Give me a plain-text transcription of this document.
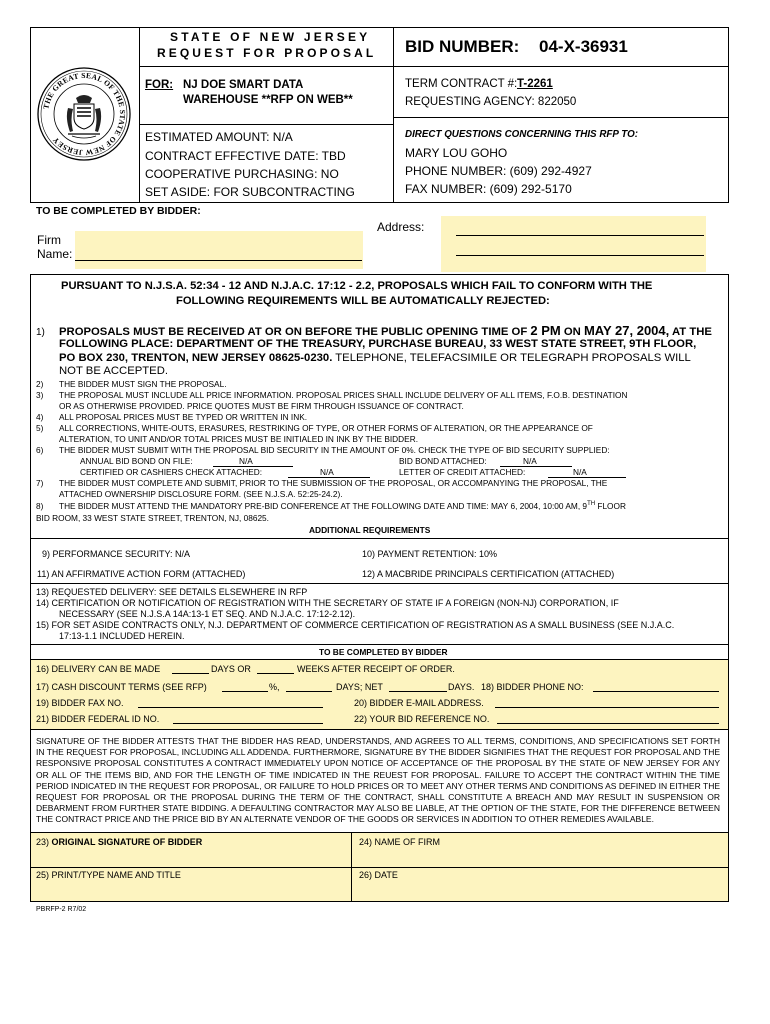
THE GREAT SEAL OF THE STATE OF NEW JERSEY
STATE OF NEW JERSEY
REQUEST FOR PROPOSAL BID NUMBER: 04-X-36931
FOR: NJ DOE SMART DATA
WAREHOUSE **RFP ON WEB**
TERM CONTRACT #: T-2261
REQUESTING AGENCY: 822050
ESTIMATED AMOUNT: N/A
CONTRACT EFFECTIVE DATE: TBD
COOPERATIVE PURCHASING: NO
SET ASIDE: FOR SUBCONTRACTING
DIRECT QUESTIONS CONCERNING THIS RFP TO:
MARY LOU GOHO
PHONE NUMBER: (609) 292-4927
FAX NUMBER: (609) 292-5170
TO BE COMPLETED BY BIDDER:
Firm
Name:
Address:
PURSUANT TO N.J.S.A. 52:34 - 12 AND N.J.A.C. 17:12 - 2.2, PROPOSALS WHICH FAIL TO CONFORM WITH THE
FOLLOWING REQUIREMENTS WILL BE AUTOMATICALLY REJECTED:
1) PROPOSALS MUST BE RECEIVED AT OR ON BEFORE THE PUBLIC OPENING TIME OF 2 PM ON MAY 27, 2004, AT THE
FOLLOWING PLACE: DEPARTMENT OF THE TREASURY, PURCHASE BUREAU, 33 WEST STATE STREET, 9TH FLOOR,
PO BOX 230, TRENTON, NEW JERSEY 08625-0230. TELEPHONE, TELEFACSIMILE OR TELEGRAPH PROPOSALS WILL
NOT BE ACCEPTED.
2) THE BIDDER MUST SIGN THE PROPOSAL.
3) THE PROPOSAL MUST INCLUDE ALL PRICE INFORMATION. PROPOSAL PRICES SHALL INCLUDE DELIVERY OF ALL ITEMS, F.O.B. DESTINATION
OR AS OTHERWISE PROVIDED. PRICE QUOTES MUST BE FIRM THROUGH ISSUANCE OF CONTRACT.
4) ALL PROPOSAL PRICES MUST BE TYPED OR WRITTEN IN INK.
5) ALL CORRECTIONS, WHITE-OUTS, ERASURES, RESTRIKING OF TYPE, OR OTHER FORMS OF ALTERATION, OR THE APPEARANCE OF
ALTERATION, TO UNIT AND/OR TOTAL PRICES MUST BE INITIALED IN INK BY THE BIDDER.
6) THE BIDDER MUST SUBMIT WITH THE PROPOSAL BID SECURITY IN THE AMOUNT OF 0%. CHECK THE TYPE OF BID SECURITY SUPPLIED:
ANNUAL BID BOND ON FILE:	N/A	BID BOND ATTACHED:	N/A
CERTIFIED OR CASHIERS CHECK ATTACHED:	N/A	LETTER OF CREDIT ATTACHED:	N/A
7) THE BIDDER MUST COMPLETE AND SUBMIT, PRIOR TO THE SUBMISSION OF THE PROPOSAL, OR ACCOMPANYING THE PROPOSAL, THE
ATTACHED OWNERSHIP DISCLOSURE FORM. (SEE N.J.S.A. 52:25-24.2).
8) THE BIDDER MUST ATTEND THE MANDATORY PRE-BID CONFERENCE AT THE FOLLOWING DATE AND TIME: MAY 6, 2004, 10:00 AM, 9TH FLOOR
BID ROOM, 33 WEST STATE STREET, TRENTON, NJ, 08625.
ADDITIONAL REQUIREMENTS
9) PERFORMANCE SECURITY: N/A	10) PAYMENT RETENTION: 10%
11) AN AFFIRMATIVE ACTION FORM (ATTACHED)	12) A MACBRIDE PRINCIPALS CERTIFICATION (ATTACHED)
13) REQUESTED DELIVERY: SEE DETAILS ELSEWHERE IN RFP
14) CERTIFICATION OR NOTIFICATION OF REGISTRATION WITH THE SECRETARY OF STATE IF A FOREIGN (NON-NJ) CORPORATION, IF
NECESSARY (SEE N.J.S.A 14A:13-1 ET SEQ. AND N.J.A.C. 17:12-2.12).
15) FOR SET ASIDE CONTRACTS ONLY, N.J. DEPARTMENT OF COMMERCE CERTIFICATION OF REGISTRATION AS A SMALL BUSINESS (SEE N.J.A.C.
17:13-1.1 INCLUDED HEREIN.
TO BE COMPLETED BY BIDDER
16) DELIVERY CAN BE MADE	DAYS OR	WEEKS AFTER RECEIPT OF ORDER.
17) CASH DISCOUNT TERMS (SEE RFP)	%,	DAYS; NET	DAYS. 18) BIDDER PHONE NO:
19) BIDDER FAX NO.	20) BIDDER E-MAIL ADDRESS.
21) BIDDER FEDERAL ID NO.	22) YOUR BID REFERENCE NO.
SIGNATURE OF THE BIDDER ATTESTS THAT THE BIDDER HAS READ, UNDERSTANDS, AND AGREES TO ALL TERMS, CONDITIONS, AND SPECIFICATIONS SET FORTH IN THE REQUEST FOR PROPOSAL, INCLUDING ALL ADDENDA. FURTHERMORE, SIGNATURE BY THE BIDDER SIGNIFIES THAT THE REQUEST FOR PROPOSAL AND THE RESPONSIVE PROPOSAL CONSTITUTES A CONTRACT IMMEDIATELY UPON NOTICE OF ACCEPTANCE OF THE PROPOSAL BY THE STATE OF NEW JERSEY FOR ANY OR ALL OF THE ITEMS BID, AND FOR THE LENGTH OF TIME INDICATED IN THE REUEST FOR PROPOSAL. FAILURE TO ACCEPT THE CONTRACT WITHIN THE TIME PERIOD INDICATED IN THE REQUEST FOR PROPOSAL, OR FAILURE TO HOLD PRICES OR TO MEET ANY OTHER TERMS AND CONDITIONS AS DEFINED IN EITHER THE REQUEST FOR PROPOSAL OR THE PROPOSAL DURING THE TERM OF THE CONTRACT, SHALL CONSTITUTE A BREACH AND MAY RESULT IN SUSPENSION OR DEBARMENT FROM FURTHER STATE BIDDING. A DEFAULTING CONTRACTOR MAY ALSO BE LIABLE, AT THE OPTION OF THE STATE, FOR THE DIFFERENCE BETWEEN THE CONTRACT PRICE AND THE PRICE BID BY AN ALTERNATE VENDOR OF THE GOODS OR SERVICES IN ADDITION TO OTHER REMEDIES AVAILABLE.
23) ORIGINAL SIGNATURE OF BIDDER	24) NAME OF FIRM
25) PRINT/TYPE NAME AND TITLE	26) DATE
PBRFP-2 R7/02
